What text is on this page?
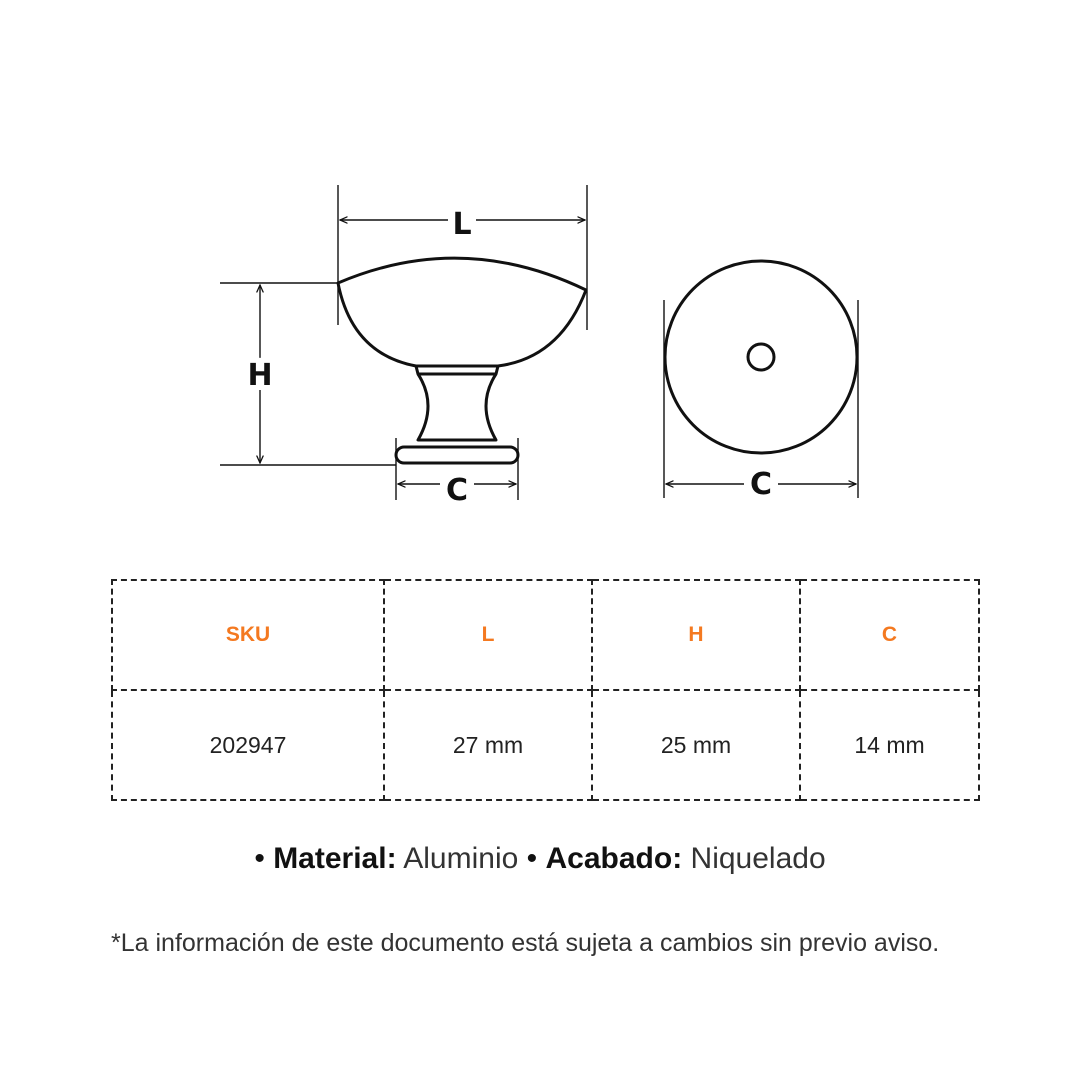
L
H
C	C
SKU	L	H	C
202947	27 mm	25 mm	14 mm
• Material: Aluminio • Acabado: Niquelado
*La información de este documento está sujeta a cambios sin previo aviso.
